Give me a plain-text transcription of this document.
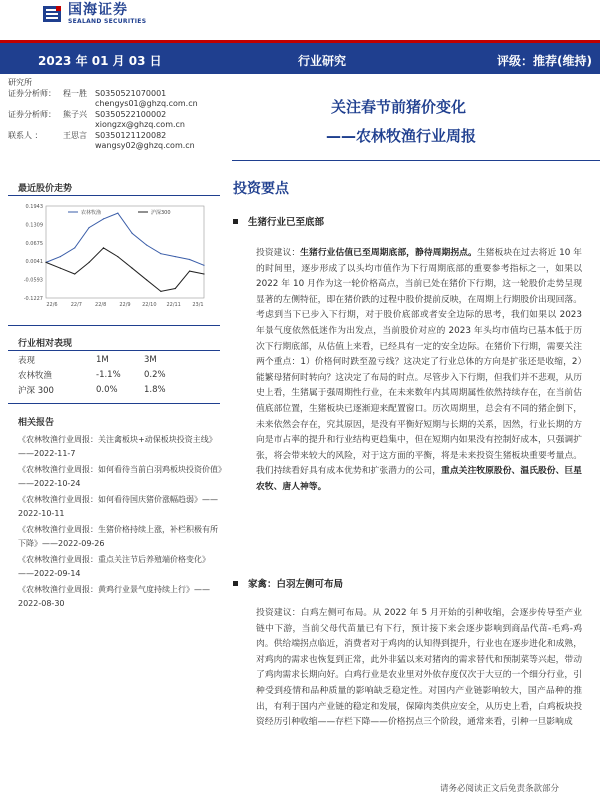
国海证券
SEALAND SECURITIES
2023 年 01 月 03 日	行业研究	评级：推荐(维持)
研究所
证券分析师： 程一胜	S0350521070001
chengys01@ghzq.com.cn
证券分析师： 熊子兴	S0350522100002
xiongzx@ghzq.com.cn
联系人 ：	王思言	S0350121120082
wangsy02@ghzq.com.cn
关注春节前猪价变化
——农林牧渔行业周报
最近股价走势
0.1943
0.1309
0.0675
0.0041
-0.0593
-0.1227
22/6	22/7	22/8	22/9 22/10 22/11 23/1
农林牧渔	沪深300
行业相对表现
表现	1M	3M
农林牧渔	-1.1%	0.2%
沪深 300	0.0%	1.8%
相关报告
《农林牧渔行业周报：关注禽板块+动保板块投资主线》——2022-11-7
《农林牧渔行业周报：如何看待当前白羽鸡板块投资价值》——2022-10-24
《农林牧渔行业周报：如何看待国庆猪价涨幅趋弱》——2022-10-11
《农林牧渔行业周报：生猪价格持续上涨，补栏积极有所下降》——2022-09-26
《农林牧渔行业周报：重点关注节后养殖端价格变化》——2022-09-14
《农林牧渔行业周报：黄鸡行业景气度持续上行》——2022-08-30
投资要点
生猪行业已至底部
投资建议：生猪行业估值已至周期底部，静待周期拐点。生猪板块在过去将近 10 年的时间里，逐步形成了以头均市值作为下行周期底部的重要参考指标之一，如果以 2022 年 10 月作为这一轮价格高点，当前已处在猪价下行期，这一轮股价走势呈现显著的左侧特征，即在猪价跌的过程中股价提前反映，在周期上行期股价出现回落。考虑到当下已步入下行期，对于股价底部或者安全边际的思考，我们如果以 2023 年景气度依然低迷作为出发点，当前股价对应的 2023 年头均市值均已基本低于历次下行期底部，从估值上来看，已经具有一定的安全边际。在猪价下行期，需要关注两个重点：1）价格何时跌至盈亏线？这决定了行业总体的方向是扩张还是收缩，2）能繁母猪何时转向？这决定了布局的时点。尽管步入下行期，但我们并不悲观，从历史上看，生猪属于强周期性行业，在未来数年内其周期属性依然持续存在，在当前估值底部位置，生猪板块已逐渐迎来配置窗口。历次周期里，总会有不同的猪企倒下，未来依然会存在，究其原因，是没有平衡好短期与长期的关系，因然，行业长期的方向是市占率的提升和行业结构更趋集中，但在短期内如果没有控制好成本，只强调扩张，将会带来较大的风险，对于这方面的平衡，将是未来投资生猪板块重要考量点。我们持续看好具有成本优势和扩张潜力的公司，重点关注牧原股份、温氏股份、巨星农牧、唐人神等。
家禽：白羽左侧可布局
投资建议：白鸡左侧可布局。从 2022 年 5 月开始的引种收缩，会逐步传导至产业链中下游，当前父母代苗量已有下行，预计接下来会逐步影响到商品代苗-毛鸡-鸡肉。供给端拐点临近，消费者对于鸡肉的认知得到提升，行业也在逐步进化和成熟，对鸡肉的需求也恢复到正常，此外非猛以来对猪肉的需求替代和预制菜等兴起，带动了鸡肉需求长期向好。白鸡行业是农业里对外依存度仅次于大豆的一个细分行业，引种受到疫情和品种质量的影响缺乏稳定性。对国内产业链影响较大，国产品种的推出，有利于国内产业链的稳定和发展，保障肉类供应安全，从历史上看，白鸡板块投资经历引种收缩——存栏下降——价格拐点三个阶段，通常来看，引种一旦影响成
请务必阅读正文后免责条款部分
